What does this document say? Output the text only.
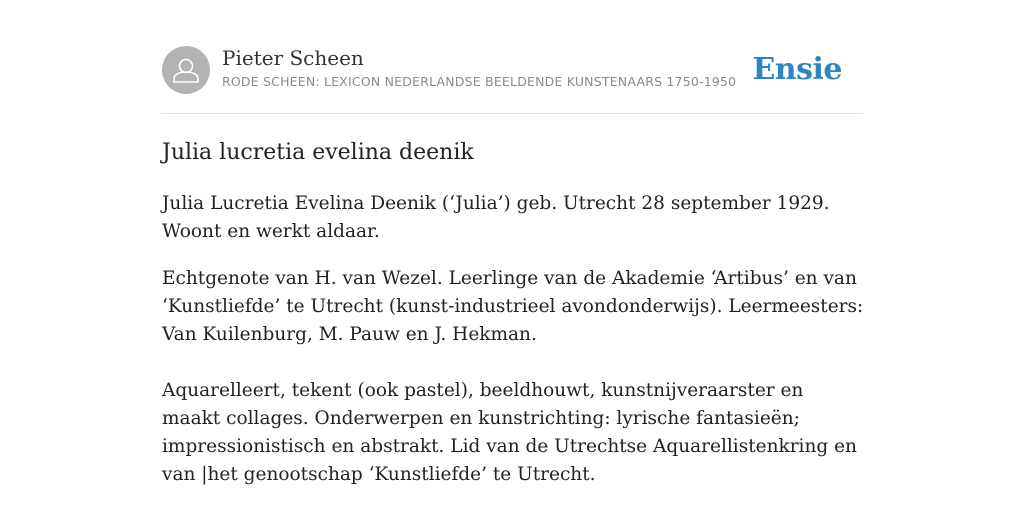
Pieter Scheen
RODE SCHEEN: LEXICON NEDERLANDSE BEELDENDE KUNSTENAARS 1750-1950 Ensie
Julia lucretia evelina deenik

Julia Lucretia Evelina Deenik (‘Julia’) geb. Utrecht 28 september 1929. Woont en werkt aldaar.

Echtgenote van H. van Wezel. Leerlinge van de Akademie ‘Artibus’ en van ‘Kunstliefde’ te Utrecht (kunst-industrieel avondonderwijs). Leermeesters: Van Kuilenburg, M. Pauw en J. Hekman.

Aquarelleert, tekent (ook pastel), beeldhouwt, kunstnijveraarster en maakt collages. Onderwerpen en kunstrichting: lyrische fantasieën; impressionistisch en abstrakt. Lid van de Utrechtse Aquarellistenkring en van |het genootschap ‘Kunstliefde’ te Utrecht.
